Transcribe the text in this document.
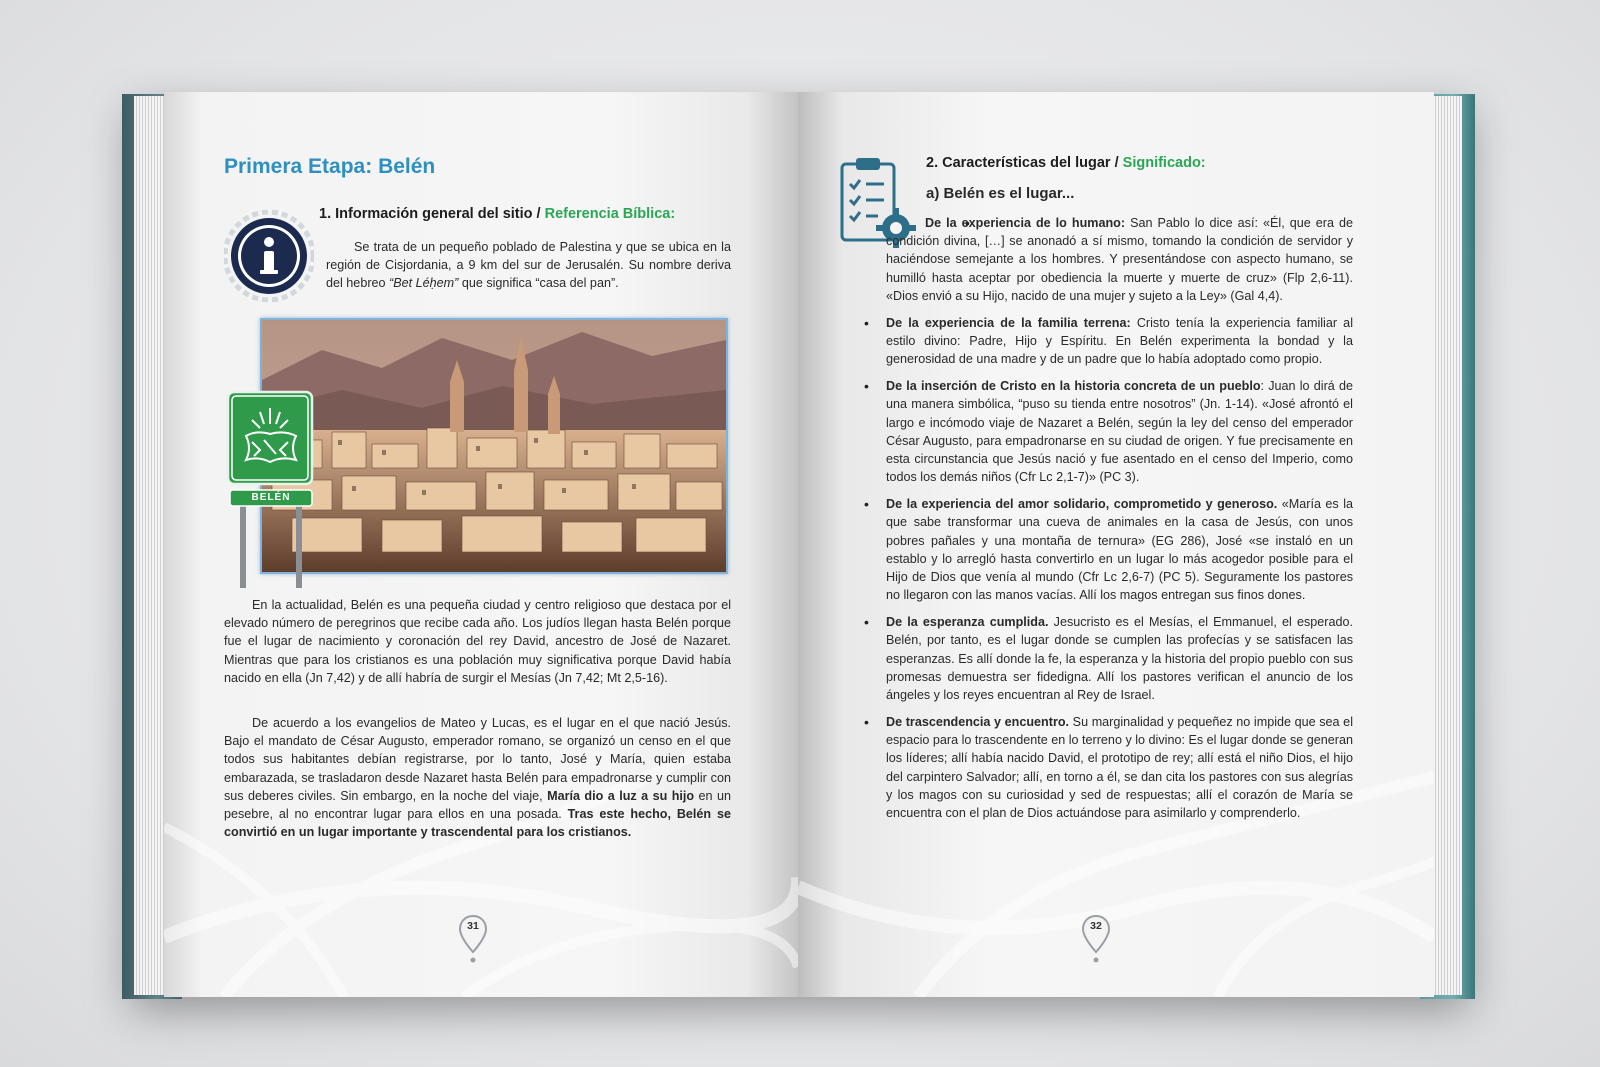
Primera Etapa: Belén
1. Información general del sitio / Referencia Bíblica:

Se trata de un pequeño poblado de Palestina y que se ubica en la región de Cisjordania, a 9 km del sur de Jerusalén. Su nombre deriva del hebreo “Bet Léḥem” que significa “casa del pan”.

BELÉN

En la actualidad, Belén es una pequeña ciudad y centro religioso que destaca por el elevado número de peregrinos que recibe cada año. Los judíos llegan hasta Belén porque fue el lugar de nacimiento y coronación del rey David, ancestro de José de Nazaret. Mientras que para los cristianos es una población muy significativa porque David había nacido en ella (Jn 7,42) y de allí habría de surgir el Mesías (Jn 7,42; Mt 2,5-16).

De acuerdo a los evangelios de Mateo y Lucas, es el lugar en el que nació Jesús. Bajo el mandato de César Augusto, emperador romano, se organizó un censo en el que todos sus habitantes debían registrarse, por lo tanto, José y María, quien estaba embarazada, se trasladaron desde Nazaret hasta Belén para empadronarse y cumplir con sus deberes civiles. Sin embargo, en la noche del viaje, María dio a luz a su hijo en un pesebre, al no encontrar lugar para ellos en una posada. Tras este hecho, Belén se convirtió en un lugar importante y trascendental para los cristianos.

31
2. Características del lugar / Significado:
a) Belén es el lugar...
• De la experiencia de lo humano: San Pablo lo dice así: «Él, que era de condición divina, […] se anonadó a sí mismo, tomando la condición de servidor y haciéndose semejante a los hombres. Y presentándose con aspecto humano, se humilló hasta aceptar por obediencia la muerte y muerte de cruz» (Flp 2,6-11). «Dios envió a su Hijo, nacido de una mujer y sujeto a la Ley» (Gal 4,4).
• De la experiencia de la familia terrena: Cristo tenía la experiencia familiar al estilo divino: Padre, Hijo y Espíritu. En Belén experimenta la bondad y la generosidad de una madre y de un padre que lo había adoptado como propio.
• De la inserción de Cristo en la historia concreta de un pueblo: Juan lo dirá de una manera simbólica, “puso su tienda entre nosotros” (Jn. 1-14). «José afrontó el largo e incómodo viaje de Nazaret a Belén, según la ley del censo del emperador César Augusto, para empadronarse en su ciudad de origen. Y fue precisamente en esta circunstancia que Jesús nació y fue asentado en el censo del Imperio, como todos los demás niños (Cfr Lc 2,1-7)» (PC 3).
• De la experiencia del amor solidario, comprometido y generoso. «María es la que sabe transformar una cueva de animales en la casa de Jesús, con unos pobres pañales y una montaña de ternura» (EG 286), José «se instaló en un establo y lo arregló hasta convertirlo en un lugar lo más acogedor posible para el Hijo de Dios que venía al mundo (Cfr Lc 2,6-7) (PC 5). Seguramente los pastores no llegaron con las manos vacías. Allí los magos entregan sus finos dones.
• De la esperanza cumplida. Jesucristo es el Mesías, el Emmanuel, el esperado. Belén, por tanto, es el lugar donde se cumplen las profecías y se satisfacen las esperanzas. Es allí donde la fe, la esperanza y la historia del propio pueblo con sus promesas demuestra ser fidedigna. Allí los pastores verifican el anuncio de los ángeles y los reyes encuentran al Rey de Israel.
• De trascendencia y encuentro. Su marginalidad y pequeñez no impide que sea el espacio para lo trascendente en lo terreno y lo divino: Es el lugar donde se generan los líderes; allí había nacido David, el prototipo de rey; allí está el niño Dios, el hijo del carpintero Salvador; allí, en torno a él, se dan cita los pastores con sus alegrías y los magos con su curiosidad y sed de respuestas; allí el corazón de María se encuentra con el plan de Dios actuándose para asimilarlo y comprenderlo.
32
